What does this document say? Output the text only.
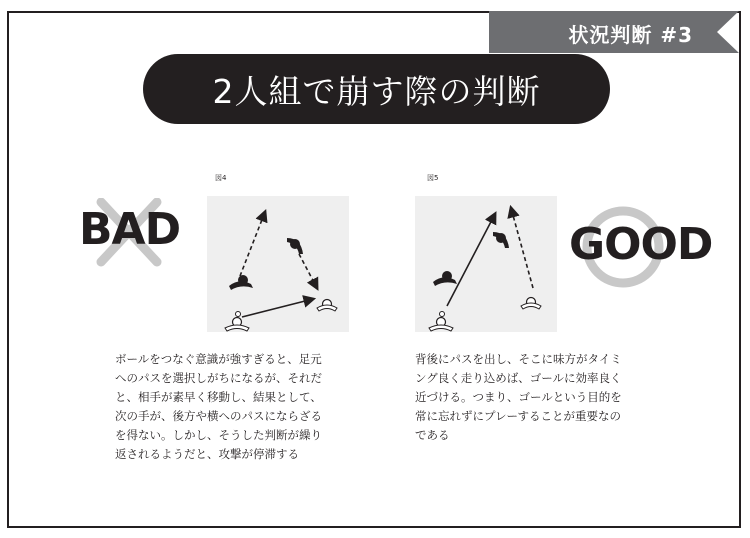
状況判断 #3
2人組で崩す際の判断
図4
BAD
図5
GOOD
ボールをつなぐ意識が強すぎると、足元
へのパスを選択しがちになるが、それだ
と、相手が素早く移動し、結果として、
次の手が、後方や横へのパスにならざる
を得ない。しかし、そうした判断が繰り
返されるようだと、攻撃が停滞する
背後にパスを出し、そこに味方がタイミ
ング良く走り込めば、ゴールに効率良く
近づける。つまり、ゴールという目的を
常に忘れずにプレーすることが重要なの
である
